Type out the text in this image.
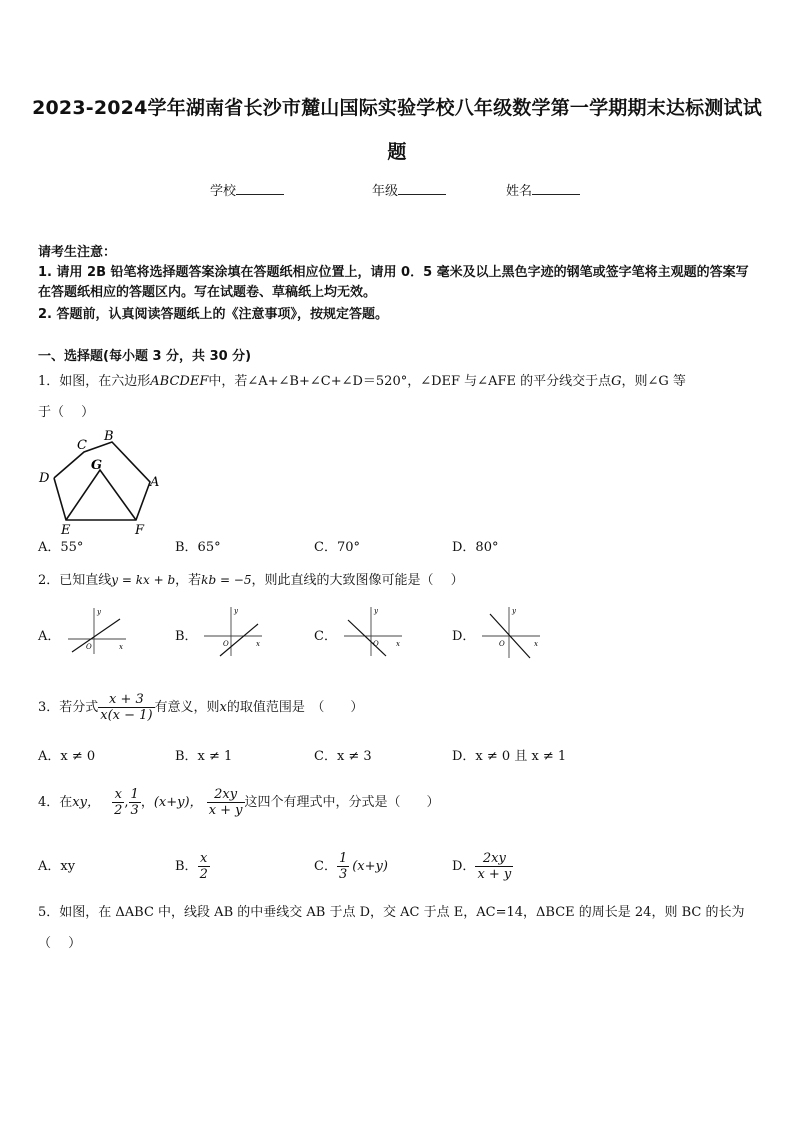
2023-2024学年湖南省长沙市麓山国际实验学校八年级数学第一学期期末达标测试试
题
学校	年级	姓名
请考生注意：
1. 请用 2B 铅笔将选择题答案涂填在答题纸相应位置上，请用 0．5 毫米及以上黑色字迹的钢笔或签字笔将主观题的答案写在答题纸相应的答题区内。写在试题卷、草稿纸上均无效。
2. 答题前，认真阅读答题纸上的《注意事项》，按规定答题。
一、选择题(每小题 3 分，共 30 分)
1．如图，在六边形ABCDEF中，若∠A+∠B+∠C+∠D＝520°，∠DEF 与∠AFE 的平分线交于点G，则∠G 等
于（　 ）
C
B
G
D	A
E	F
A．55°	B．65°	C．70°	D．80°
2．已知直线y = kx + b，若kb = −5，则此直线的大致图像可能是（　 ）
A．
y
x
O
B．
y
x
O	C．
y
x
O	D．
y
x
O
3．若分式 $\frac{x + 3}{x(x - 1)}$ 有意义，则x的取值范围是　（　　）
A．x ≠ 0	B．x ≠ 1	C．x ≠ 3	D．x ≠ 0 且 x ≠ 1
4．在xy， $\frac{x}{2}$ , $\frac{1}{3}$ ，(x+y)， $\frac{2xy}{x + y}$ 这四个有理式中，分式是（　　）
A．xy	B． $\frac{x}{2}$	C． $\frac{1}{3} (x+y)$	D． $\frac{2xy}{x + y}$
5．如图，在 ΔABC 中，线段 AB 的中垂线交 AB 于点 D，交 AC 于点 E，AC=14，ΔBCE 的周长是 24，则 BC 的长为
（　 ）
